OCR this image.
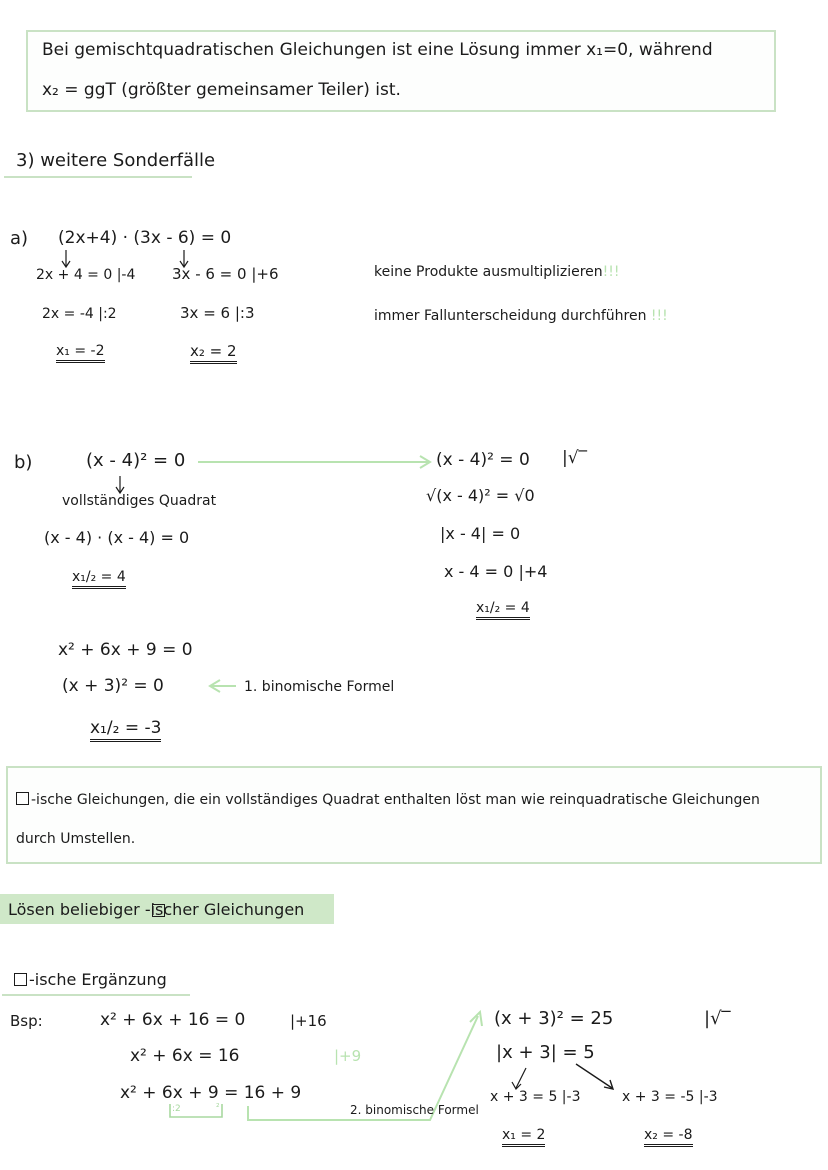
Bei gemischtquadratischen Gleichungen ist eine Lösung immer x₁=0, während
x₂ = ggT (größter gemeinsamer Teiler) ist.
3) weitere Sonderfälle
a) (2x+4) · (3x - 6) = 0
2x + 4 = 0 |-4
2x = -4 |:2
x₁ = -2
3x - 6 = 0 |+6
3x = 6 |:3
x₂ = 2
keine Produkte ausmultiplizieren!!!
immer Fallunterscheidung durchführen !!!
b)	(x - 4)² = 0
vollständiges Quadrat
(x - 4) · (x - 4) = 0
x₁/₂ = 4
(x - 4)² = 0 |√‾
√(x - 4)² = √0
|x - 4| = 0
x - 4 = 0 |+4
x₁/₂ = 4
x² + 6x + 9 = 0
(x + 3)² = 0	1. binomische Formel
x₁/₂ = -3
-ische Gleichungen, die ein vollständiges Quadrat enthalten löst man wie reinquadratische Gleichungen
durch Umstellen.
Lösen beliebiger -ischer Gleichungen
-ische Ergänzung
Bsp:	x² + 6x + 16 = 0	|+16
x² + 6x = 16	|+9
x² + 6x + 9 = 16 + 9
:2	²	2. binomische Formel
(x + 3)² = 25	|√‾
|x + 3| = 5
x + 3 = 5 |-3	x + 3 = -5 |-3
x₁ = 2	x₂ = -8
